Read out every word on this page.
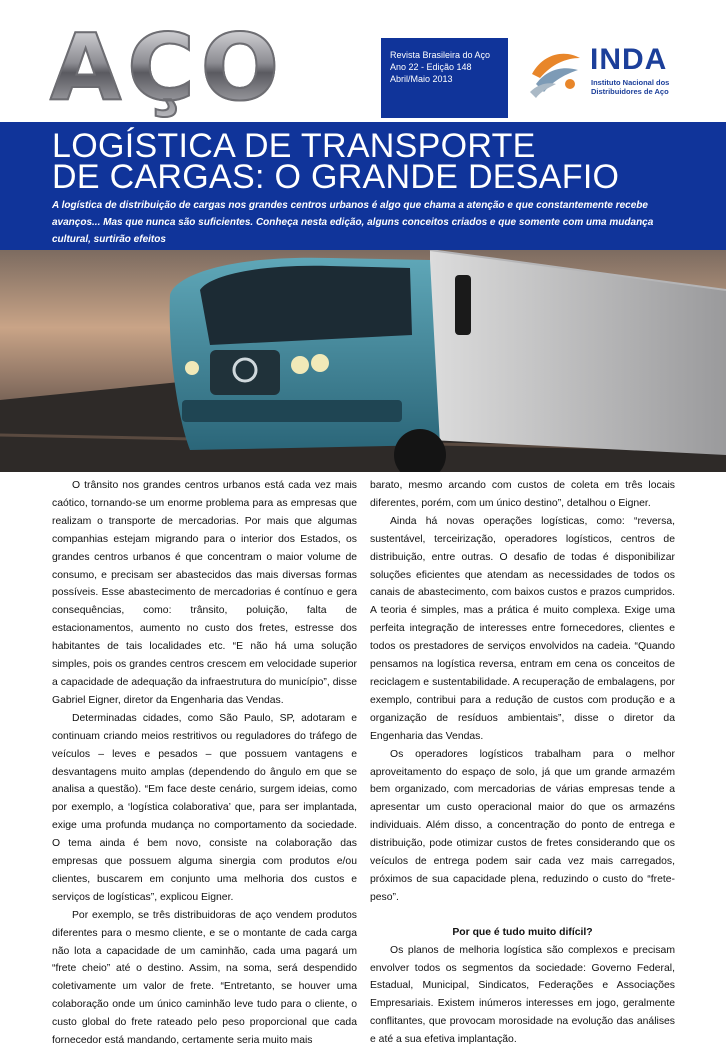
AÇO	Revista Brasileira do Aço
Ano 22 - Edição 148
Abril/Maio 2013
INDA
Instituto Nacional dos
Distribuidores de Aço
LOGÍSTICA DE TRANSPORTE
DE CARGAS: O GRANDE DESAFIO

A logística de distribuição de cargas nos grandes centros urbanos é algo que chama a atenção e que constantemente recebe avanços... Mas que nunca são suficientes. Conheça nesta edição, alguns conceitos criados e que somente com uma mudança cultural, surtirão efeitos

O trânsito nos grandes centros urbanos está cada vez mais caótico, tornando-se um enorme problema para as empresas que realizam o transporte de mercadorias. Por mais que algumas companhias estejam migrando para o interior dos Estados, os grandes centros urbanos é que concentram o maior volume de consumo, e precisam ser abastecidos das mais diversas formas possíveis. Esse abastecimento de mercadorias é contínuo e gera consequências, como: trânsito, poluição, falta de estacionamentos, aumento no custo dos fretes, estresse dos habitantes de tais localidades etc. “E não há uma solução simples, pois os grandes centros crescem em velocidade superior a capacidade de adequação da infraestrutura do município”, disse Gabriel Eigner, diretor da Engenharia das Vendas.

Determinadas cidades, como São Paulo, SP, adotaram e continuam criando meios restritivos ou reguladores do tráfego de veículos – leves e pesados – que possuem vantagens e desvantagens muito amplas (dependendo do ângulo em que se analisa a questão). “Em face deste cenário, surgem ideias, como por exemplo, a ‘logística colaborativa’ que, para ser implantada, exige uma profunda mudança no comportamento da sociedade. O tema ainda é bem novo, consiste na colaboração das empresas que possuem alguma sinergia com produtos e/ou clientes, buscarem em conjunto uma melhoria dos custos e serviços de logísticas”, explicou Eigner.

Por exemplo, se três distribuidoras de aço vendem produtos diferentes para o mesmo cliente, e se o montante de cada carga não lota a capacidade de um caminhão, cada uma pagará um “frete cheio” até o destino. Assim, na soma, será despendido coletivamente um valor de frete. “Entretanto, se houver uma colaboração onde um único caminhão leve tudo para o cliente, o custo global do frete rateado pelo peso proporcional que cada fornecedor está mandando, certamente seria muito mais

barato, mesmo arcando com custos de coleta em três locais diferentes, porém, com um único destino”, detalhou o Eigner.

Ainda há novas operações logísticas, como: “reversa, sustentável, terceirização, operadores logísticos, centros de distribuição, entre outras. O desafio de todas é disponibilizar soluções eficientes que atendam as necessidades de todos os canais de abastecimento, com baixos custos e prazos cumpridos. A teoria é simples, mas a prática é muito complexa. Exige uma perfeita integração de interesses entre fornecedores, clientes e todos os prestadores de serviços envolvidos na cadeia. “Quando pensamos na logística reversa, entram em cena os conceitos de reciclagem e sustentabilidade. A recuperação de embalagens, por exemplo, contribui para a redução de custos com produção e a organização de resíduos ambientais”, disse o diretor da Engenharia das Vendas.

Os operadores logísticos trabalham para o melhor aproveitamento do espaço de solo, já que um grande armazém bem organizado, com mercadorias de várias empresas tende a apresentar um custo operacional maior do que os armazéns individuais. Além disso, a concentração do ponto de entrega e distribuição, pode otimizar custos de fretes considerando que os veículos de entrega podem sair cada vez mais carregados, próximos de sua capacidade plena, reduzindo o custo do “frete-peso”.

Por que é tudo muito difícil?

Os planos de melhoria logística são complexos e precisam envolver todos os segmentos da sociedade: Governo Federal, Estadual, Municipal, Sindicatos, Federações e Associações Empresariais. Existem inúmeros interesses em jogo, geralmente conflitantes, que provocam morosidade na evolução das análises e até a sua efetiva implantação.
